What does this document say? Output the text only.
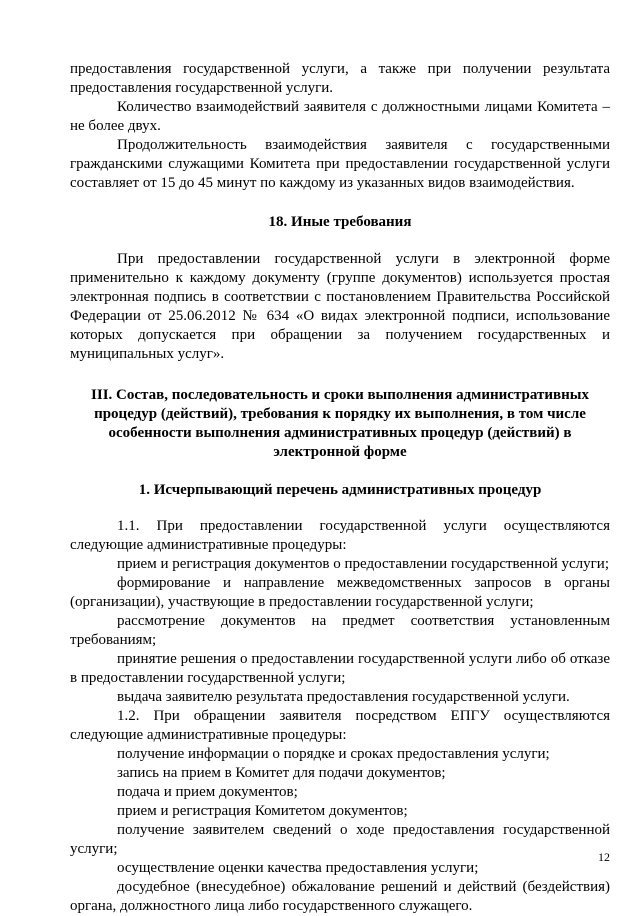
предоставления государственной услуги, а также при получении результата предоставления государственной услуги.

Количество взаимодействий заявителя с должностными лицами Комитета – не более двух.

Продолжительность взаимодействия заявителя с государственными гражданскими служащими Комитета при предоставлении государственной услуги составляет от 15 до 45 минут по каждому из указанных видов взаимодействия.

18. Иные требования

При предоставлении государственной услуги в электронной форме применительно к каждому документу (группе документов) используется простая электронная подпись в соответствии с постановлением Правительства Российской Федерации от 25.06.2012 № 634 «О видах электронной подписи, использование которых допускается при обращении за получением государственных и муниципальных услуг».

III. Состав, последовательность и сроки выполнения административных процедур (действий), требования к порядку их выполнения, в том числе особенности выполнения административных процедур (действий) в электронной форме
1. Исчерпывающий перечень административных процедур

1.1. При предоставлении государственной услуги осуществляются следующие административные процедуры:

прием и регистрация документов о предоставлении государственной услуги;

формирование и направление межведомственных запросов в органы (организации), участвующие в предоставлении государственной услуги;

рассмотрение документов на предмет соответствия установленным требованиям;

принятие решения о предоставлении государственной услуги либо об отказе в предоставлении государственной услуги;

выдача заявителю результата предоставления государственной услуги.

1.2. При обращении заявителя посредством ЕПГУ осуществляются следующие административные процедуры:

получение информации о порядке и сроках предоставления услуги;

запись на прием в Комитет для подачи документов;

подача и прием документов;

прием и регистрация Комитетом документов;

получение заявителем сведений о ходе предоставления государственной услуги;

осуществление оценки качества предоставления услуги;

досудебное (внесудебное) обжалование решений и действий (бездействия) органа, должностного лица либо государственного служащего.

12
